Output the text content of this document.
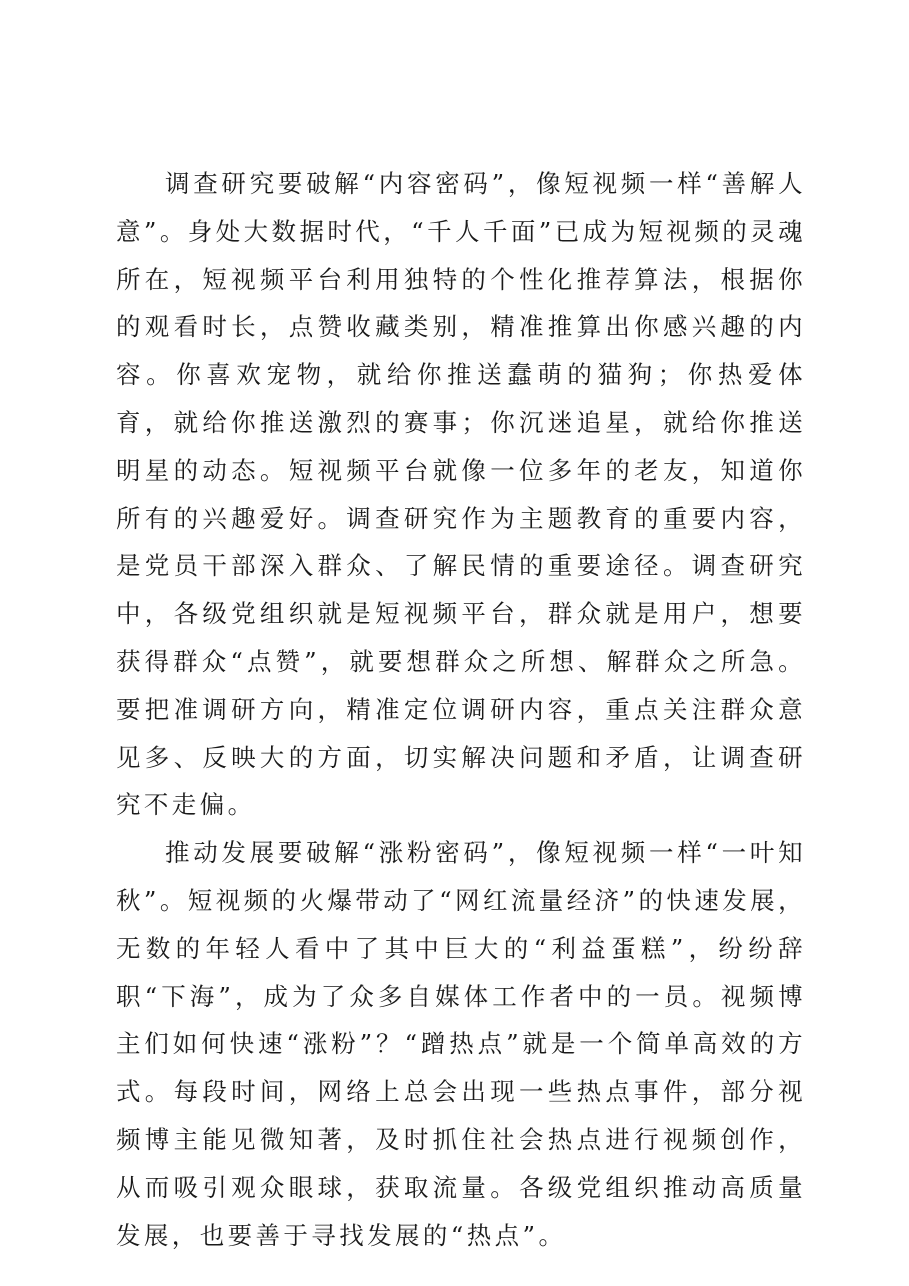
调查研究要破解“内容密码”，像短视频一样“善解人意”。身处大数据时代，“千人千面”已成为短视频的灵魂所在，短视频平台利用独特的个性化推荐算法，根据你的观看时长，点赞收藏类别，精准推算出你感兴趣的内容。你喜欢宠物，就给你推送蠢萌的猫狗；你热爱体育，就给你推送激烈的赛事；你沉迷追星，就给你推送明星的动态。短视频平台就像一位多年的老友，知道你所有的兴趣爱好。调查研究作为主题教育的重要内容，是党员干部深入群众、了解民情的重要途径。调查研究中，各级党组织就是短视频平台，群众就是用户，想要获得群众“点赞”，就要想群众之所想、解群众之所急。要把准调研方向，精准定位调研内容，重点关注群众意见多、反映大的方面，切实解决问题和矛盾，让调查研究不走偏。

推动发展要破解“涨粉密码”，像短视频一样“一叶知秋”。短视频的火爆带动了“网红流量经济”的快速发展，无数的年轻人看中了其中巨大的“利益蛋糕”，纷纷辞职“下海”，成为了众多自媒体工作者中的一员。视频博主们如何快速“涨粉”？“蹭热点”就是一个简单高效的方式。每段时间，网络上总会出现一些热点事件，部分视频博主能见微知著，及时抓住社会热点进行视频创作，从而吸引观众眼球，获取流量。各级党组织推动高质量发展，也要善于寻找发展的“热点”。
